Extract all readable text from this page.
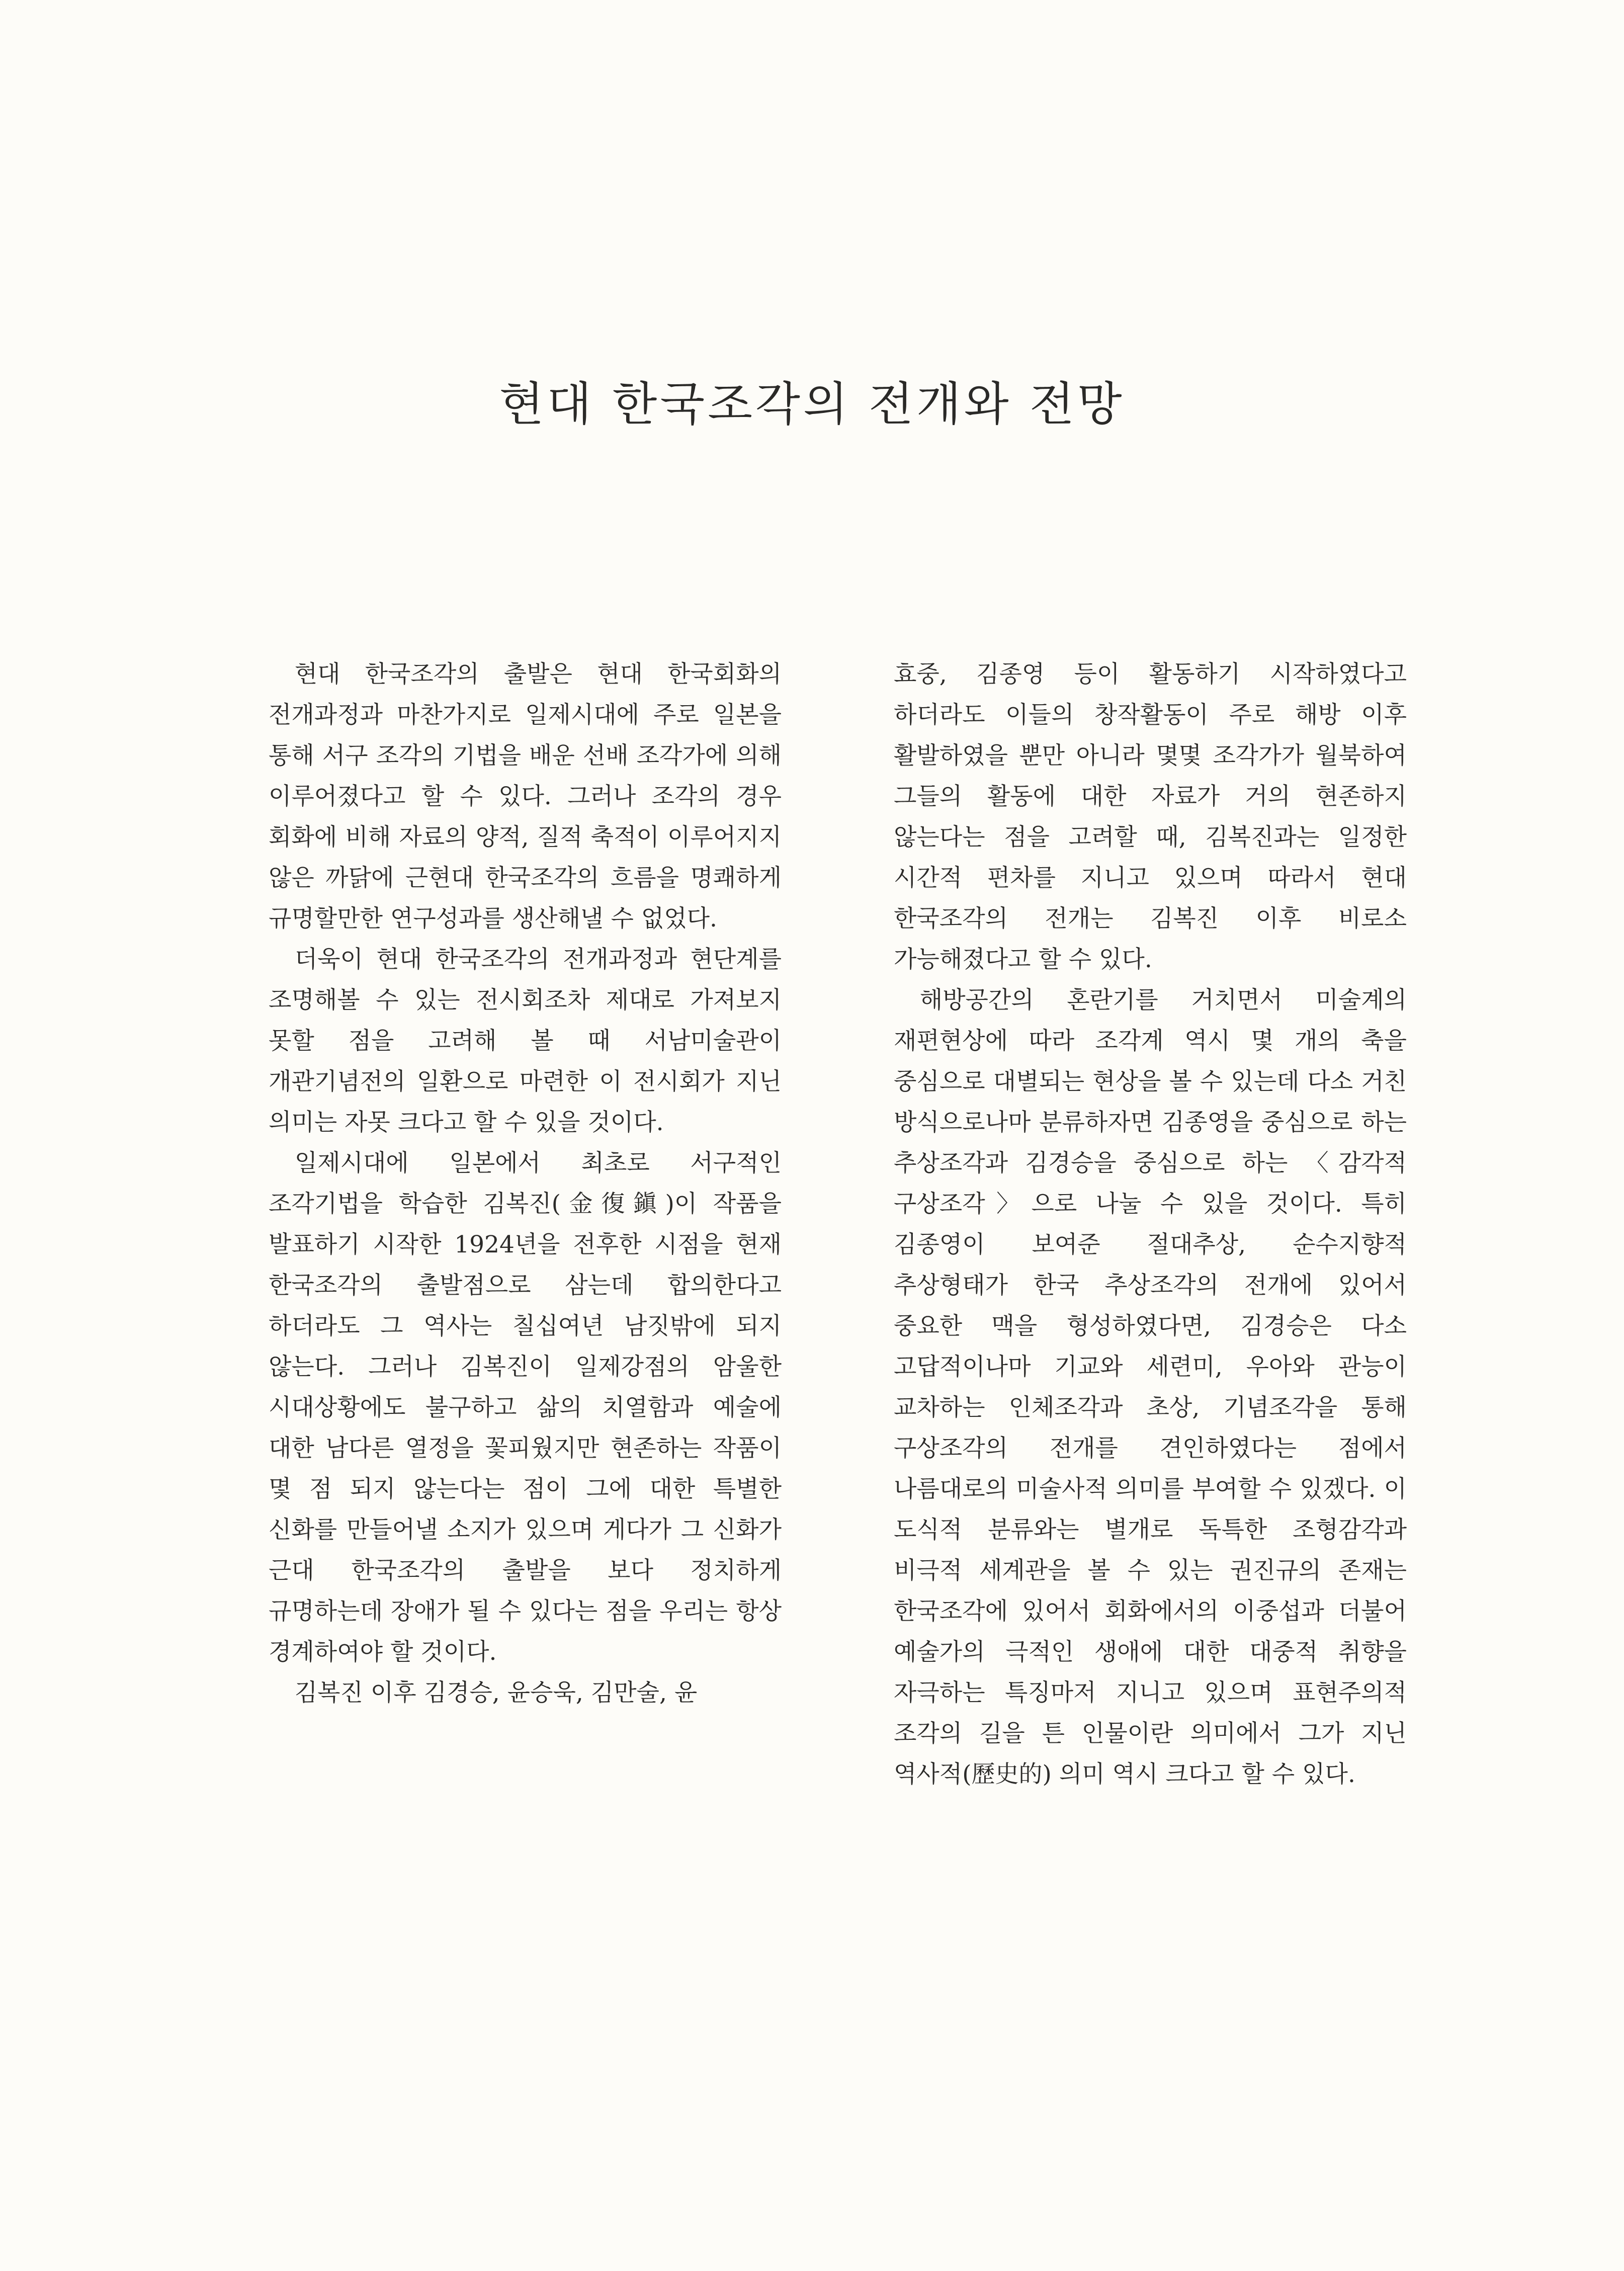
현대 한국조각의 전개와 전망

현대 한국조각의 출발은 현대 한국회화의 전개과정과 마찬가지로 일제시대에 주로 일본을 통해 서구 조각의 기법을 배운 선배 조각가에 의해 이루어졌다고 할 수 있다. 그러나 조각의 경우 회화에 비해 자료의 양적, 질적 축적이 이루어지지 않은 까닭에 근현대 한국조각의 흐름을 명쾌하게 규명할만한 연구성과를 생산해낼 수 없었다.

더욱이 현대 한국조각의 전개과정과 현단계를 조명해볼 수 있는 전시회조차 제대로 가져보지 못할 점을 고려해 볼 때 서남미술관이 개관기념전의 일환으로 마련한 이 전시회가 지닌 의미는 자못 크다고 할 수 있을 것이다.

일제시대에 일본에서 최초로 서구적인 조각기법을 학습한 김복진(金復鎭)이 작품을 발표하기 시작한 1924년을 전후한 시점을 현재 한국조각의 출발점으로 삼는데 합의한다고 하더라도 그 역사는 칠십여년 남짓밖에 되지 않는다. 그러나 김복진이 일제강점의 암울한 시대상황에도 불구하고 삶의 치열함과 예술에 대한 남다른 열정을 꽃피웠지만 현존하는 작품이 몇 점 되지 않는다는 점이 그에 대한 특별한 신화를 만들어낼 소지가 있으며 게다가 그 신화가 근대 한국조각의 출발을 보다 정치하게 규명하는데 장애가 될 수 있다는 점을 우리는 항상 경계하여야 할 것이다.

김복진 이후 김경승, 윤승욱, 김만술, 윤

효중, 김종영 등이 활동하기 시작하였다고 하더라도 이들의 창작활동이 주로 해방 이후 활발하였을 뿐만 아니라 몇몇 조각가가 월북하여 그들의 활동에 대한 자료가 거의 현존하지 않는다는 점을 고려할 때, 김복진과는 일정한 시간적 편차를 지니고 있으며 따라서 현대 한국조각의 전개는 김복진 이후 비로소 가능해졌다고 할 수 있다.

해방공간의 혼란기를 거치면서 미술계의 재편현상에 따라 조각계 역시 몇 개의 축을 중심으로 대별되는 현상을 볼 수 있는데 다소 거친 방식으로나마 분류하자면 김종영을 중심으로 하는 추상조각과 김경승을 중심으로 하는 〈감각적 구상조각〉으로 나눌 수 있을 것이다. 특히 김종영이 보여준 절대추상, 순수지향적 추상형태가 한국 추상조각의 전개에 있어서 중요한 맥을 형성하였다면, 김경승은 다소 고답적이나마 기교와 세련미, 우아와 관능이 교차하는 인체조각과 초상, 기념조각을 통해 구상조각의 전개를 견인하였다는 점에서 나름대로의 미술사적 의미를 부여할 수 있겠다. 이 도식적 분류와는 별개로 독특한 조형감각과 비극적 세계관을 볼 수 있는 권진규의 존재는 한국조각에 있어서 회화에서의 이중섭과 더불어 예술가의 극적인 생애에 대한 대중적 취향을 자극하는 특징마저 지니고 있으며 표현주의적 조각의 길을 튼 인물이란 의미에서 그가 지닌 역사적(歷史的) 의미 역시 크다고 할 수 있다.
